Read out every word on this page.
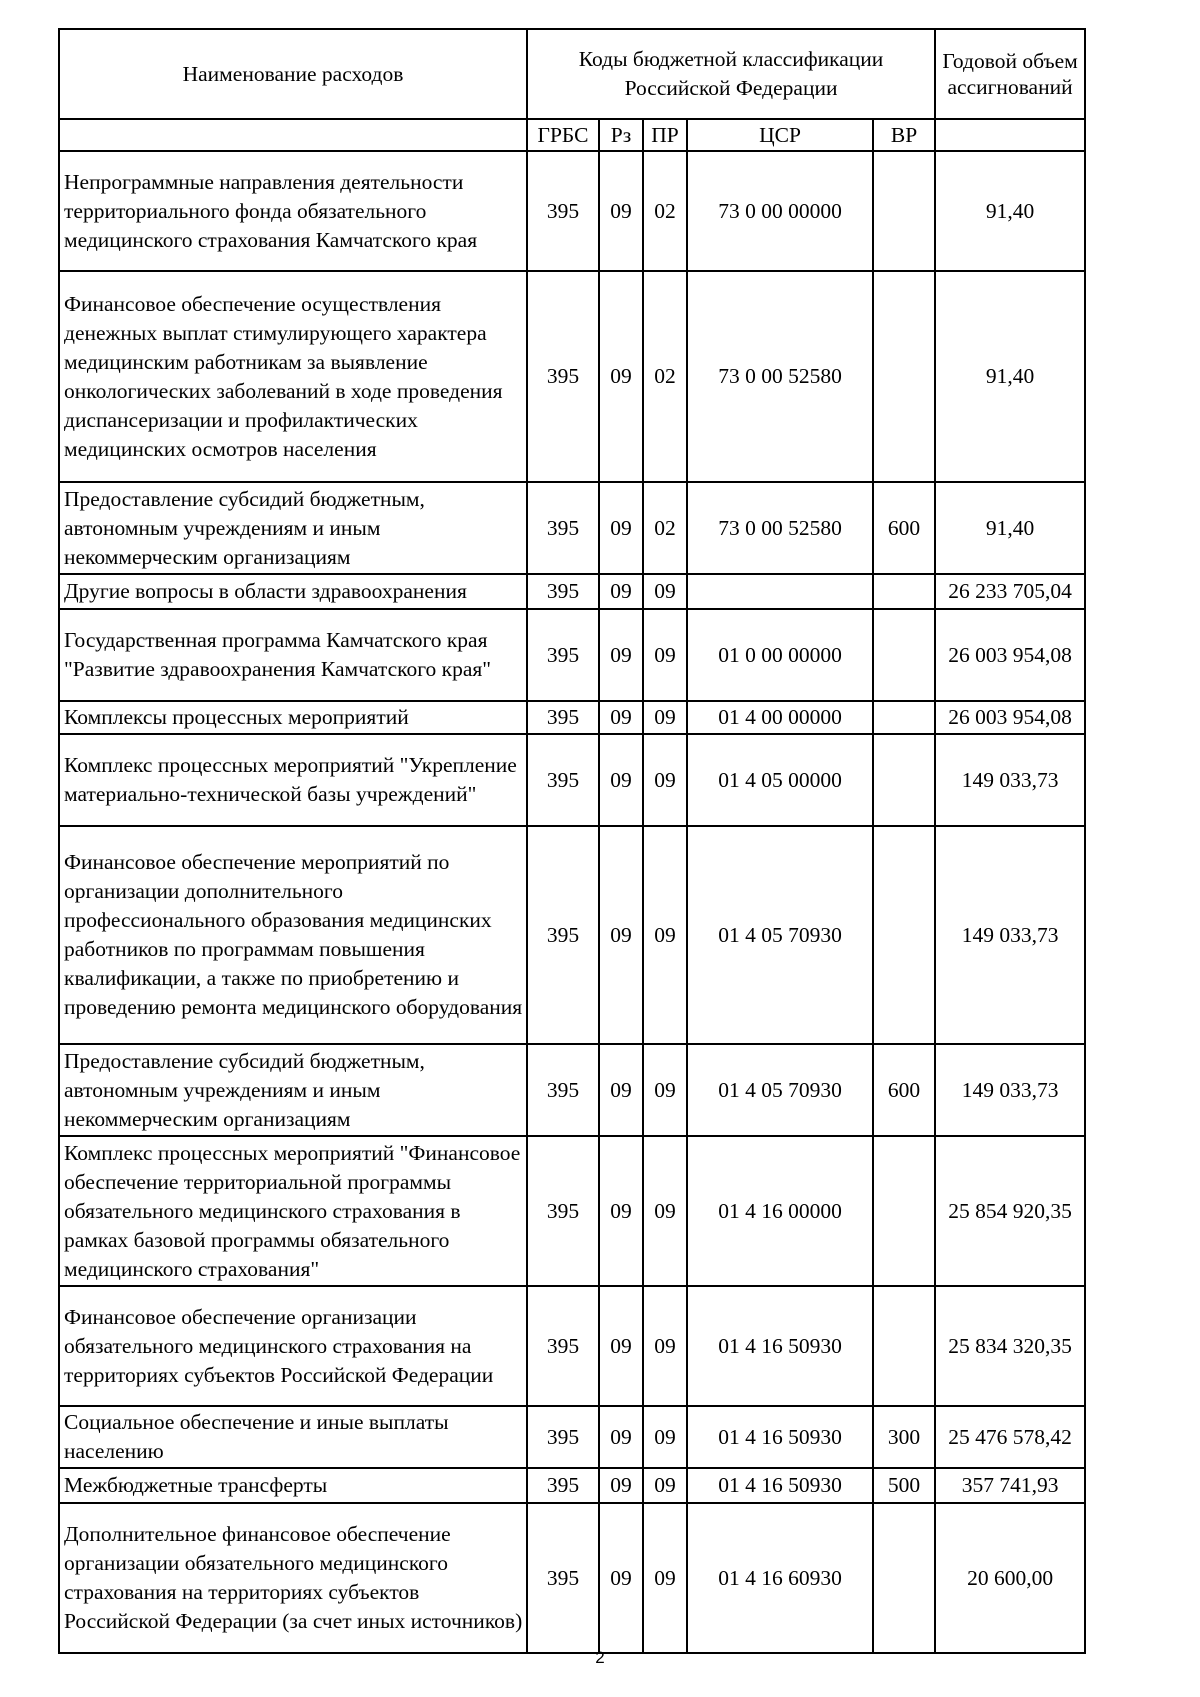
Наименование расходов	Коды бюджетной классификации Российской Федерации					Годовой объем ассигнований
	ГРБС	Рз	ПР	ЦСР	ВР	
Непрограммные направления деятельности территориального фонда обязательного медицинского страхования Камчатского края	395	09	02	73 0 00 00000		91,40
Финансовое обеспечение осуществления денежных выплат стимулирующего характера медицинским работникам за выявление онкологических заболеваний в ходе проведения диспансеризации и профилактических медицинских осмотров населения	395	09	02	73 0 00 52580		91,40
Предоставление субсидий бюджетным, автономным учреждениям и иным некоммерческим организациям	395	09	02	73 0 00 52580	600	91,40
Другие вопросы в области здравоохранения	395	09	09			26 233 705,04
Государственная программа Камчатского края "Развитие здравоохранения Камчатского края"	395	09	09	01 0 00 00000		26 003 954,08
Комплексы процессных мероприятий	395	09	09	01 4 00 00000		26 003 954,08
Комплекс процессных мероприятий "Укрепление материально-технической базы учреждений"	395	09	09	01 4 05 00000		149 033,73
Финансовое обеспечение мероприятий по организации дополнительного профессионального образования медицинских работников по программам повышения квалификации, а также по приобретению и проведению ремонта медицинского оборудования	395	09	09	01 4 05 70930		149 033,73
Предоставление субсидий бюджетным, автономным учреждениям и иным некоммерческим организациям	395	09	09	01 4 05 70930	600	149 033,73
Комплекс процессных мероприятий "Финансовое обеспечение территориальной программы обязательного медицинского страхования в рамках базовой программы обязательного медицинского страхования"	395	09	09	01 4 16 00000		25 854 920,35
Финансовое обеспечение организации обязательного медицинского страхования на территориях субъектов Российской Федерации	395	09	09	01 4 16 50930		25 834 320,35
Социальное обеспечение и иные выплаты населению	395	09	09	01 4 16 50930	300	25 476 578,42
Межбюджетные трансферты	395	09	09	01 4 16 50930	500	357 741,93
Дополнительное финансовое обеспечение организации обязательного медицинского страхования на территориях субъектов Российской Федерации (за счет иных источников)	395	09	09	01 4 16 60930		20 600,00
2
